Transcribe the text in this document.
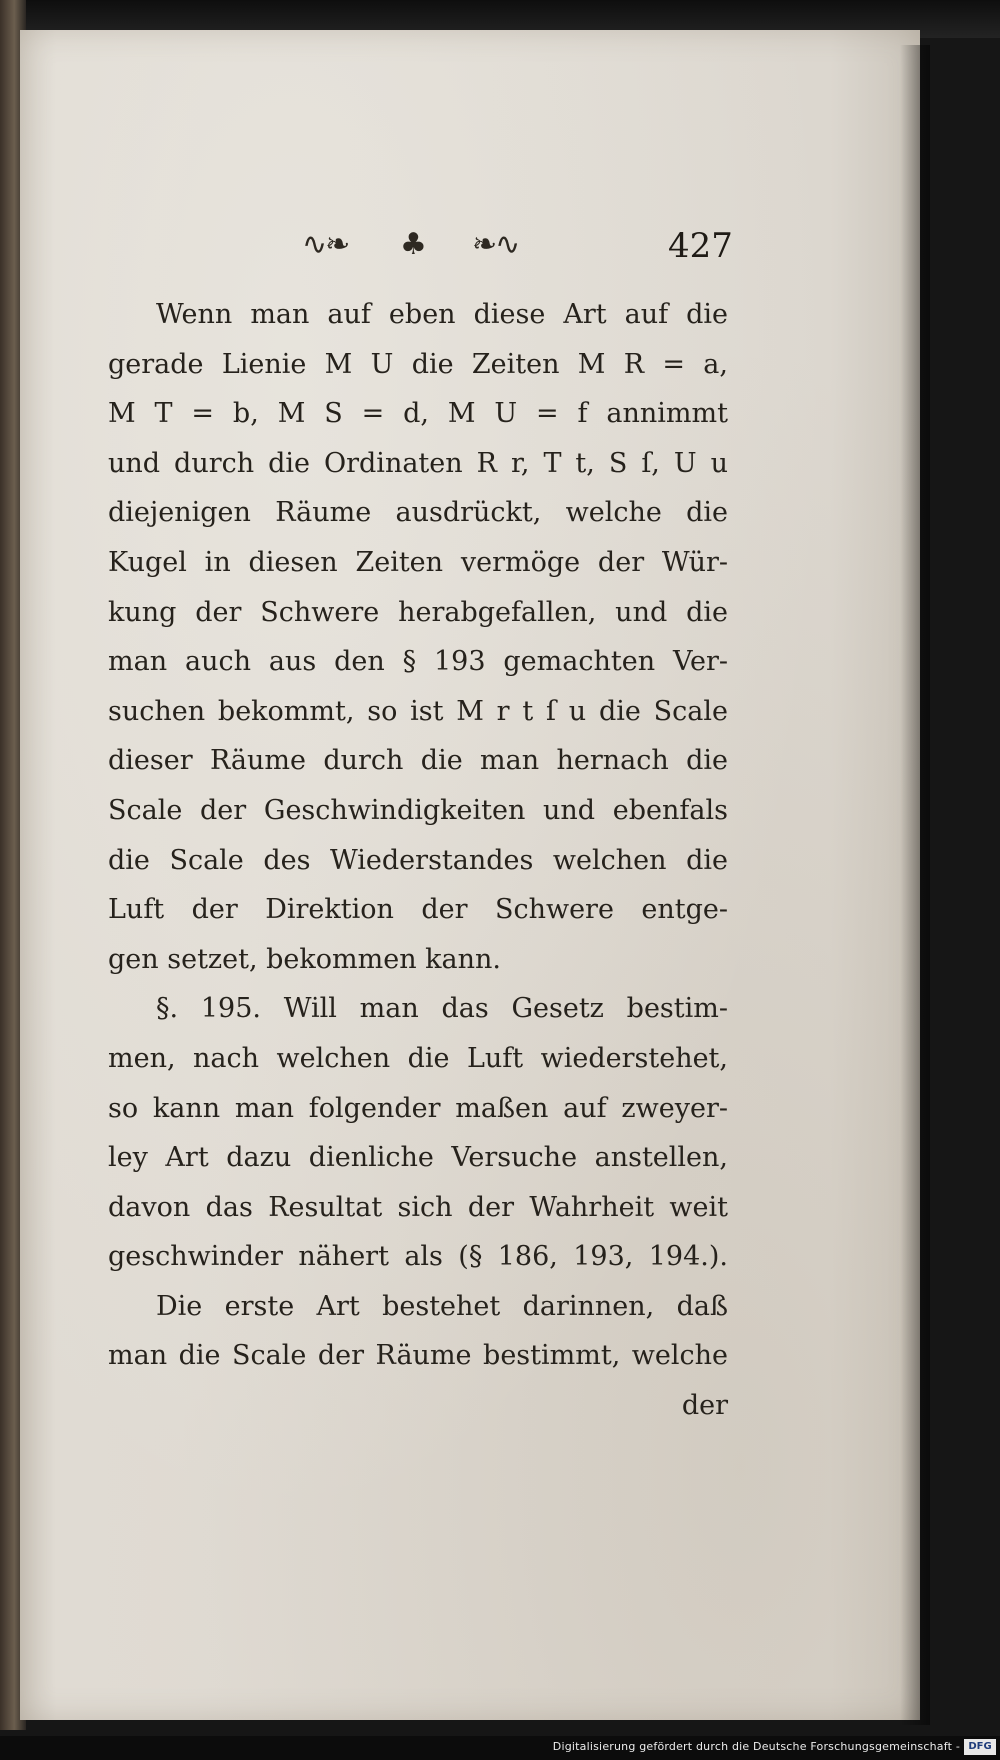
∿❧ ♣ ❧∿	427
Wenn man auf eben diese Art auf die
gerade Lienie M U die Zeiten M R = a,
M T = b, M S = d, M U = f annimmt
und durch die Ordinaten R r, T t, S ſ, U u
diejenigen Räume ausdrückt, welche die
Kugel in diesen Zeiten vermöge der Wür-
kung der Schwere herabgefallen, und die
man auch aus den § 193 gemachten Ver-
suchen bekommt, so ist M r t ſ u die Scale
dieser Räume durch die man hernach die
Scale der Geschwindigkeiten und ebenfals
die Scale des Wiederstandes welchen die
Luft der Direktion der Schwere entge-
gen setzet, bekommen kann.
§. 195. Will man das Gesetz bestim-
men, nach welchen die Luft wiederstehet,
so kann man folgender maßen auf zweyer-
ley Art dazu dienliche Versuche anstellen,
davon das Resultat sich der Wahrheit weit
geschwinder nähert als (§ 186, 193, 194.).
Die erste Art bestehet darinnen, daß
man die Scale der Räume bestimmt, welche
der
Digitalisierung gefördert durch die Deutsche Forschungsgemeinschaft - DFG
